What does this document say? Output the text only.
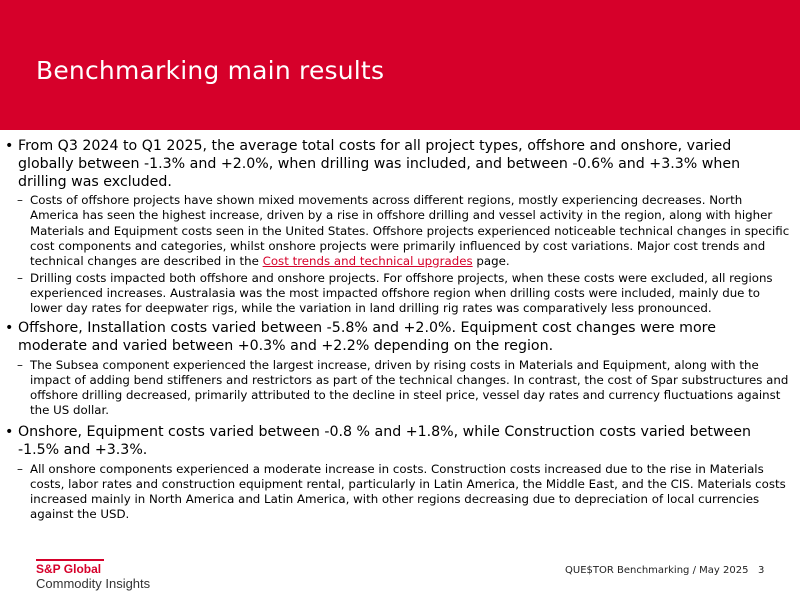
Benchmarking main results
• From Q3 2024 to Q1 2025, the average total costs for all project types, offshore and onshore, varied globally between -1.3% and +2.0%, when drilling was included, and between -0.6% and +3.3% when drilling was excluded.
– Costs of offshore projects have shown mixed movements across different regions, mostly experiencing decreases. North America has seen the highest increase, driven by a rise in offshore drilling and vessel activity in the region, along with higher Materials and Equipment costs seen in the United States. Offshore projects experienced noticeable technical changes in specific cost components and categories, whilst onshore projects were primarily influenced by cost variations. Major cost trends and technical changes are described in the Cost trends and technical upgrades page.
– Drilling costs impacted both offshore and onshore projects. For offshore projects, when these costs were excluded, all regions experienced increases. Australasia was the most impacted offshore region when drilling costs were included, mainly due to lower day rates for deepwater rigs, while the variation in land drilling rig rates was comparatively less pronounced.
• Offshore, Installation costs varied between -5.8% and +2.0%. Equipment cost changes were more moderate and varied between +0.3% and +2.2% depending on the region.
– The Subsea component experienced the largest increase, driven by rising costs in Materials and Equipment, along with the impact of adding bend stiffeners and restrictors as part of the technical changes. In contrast, the cost of Spar substructures and offshore drilling decreased, primarily attributed to the decline in steel price, vessel day rates and currency fluctuations against the US dollar.
• Onshore, Equipment costs varied between -0.8 % and +1.8%, while Construction costs varied between -1.5% and +3.3%.
– All onshore components experienced a moderate increase in costs. Construction costs increased due to the rise in Materials costs, labor rates and construction equipment rental, particularly in Latin America, the Middle East, and the CIS. Materials costs increased mainly in North America and Latin America, with other regions decreasing due to depreciation of local currencies against the USD.
S&P Global
Commodity Insights
QUE$TOR Benchmarking / May 2025 3
